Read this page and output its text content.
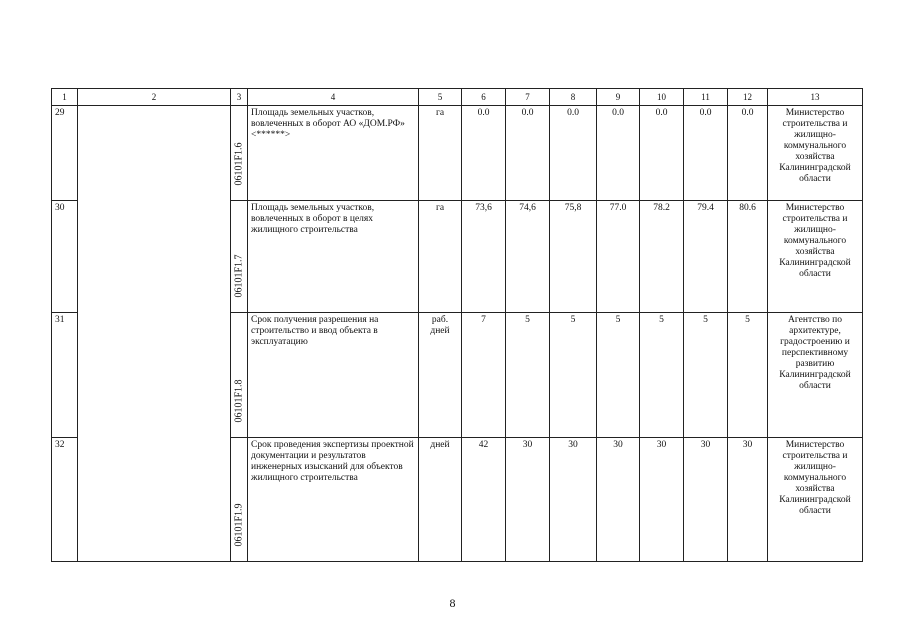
1	2	3	4	5	6	7	8	9	10	11	12	13
29		06101F1.6	Площадь земельных участков, вовлеченных в оборот АО «ДОМ.РФ» <******>	га	0.0	0.0	0.0	0.0	0.0	0.0	0.0	Министерство строительства и жилищно-коммунального хозяйства Калининградской области
30		06101F1.7	Площадь земельных участков, вовлеченных в оборот в целях жилищного строительства	га	73,6	74,6	75,8	77.0	78.2	79.4	80.6	Министерство строительства и жилищно-коммунального хозяйства Калининградской области
31		06101F1.8	Срок получения разрешения на строительство и ввод объекта в эксплуатацию	раб. дней	7	5	5	5	5	5	5	Агентство по архитектуре, градостроению и перспективному развитию Калининградской области
32		06101F1.9	Срок проведения экспертизы проектной документации и результатов инженерных изысканий для объектов жилищного строительства	дней	42	30	30	30	30	30	30	Министерство строительства и жилищно-коммунального хозяйства Калининградской области
8
